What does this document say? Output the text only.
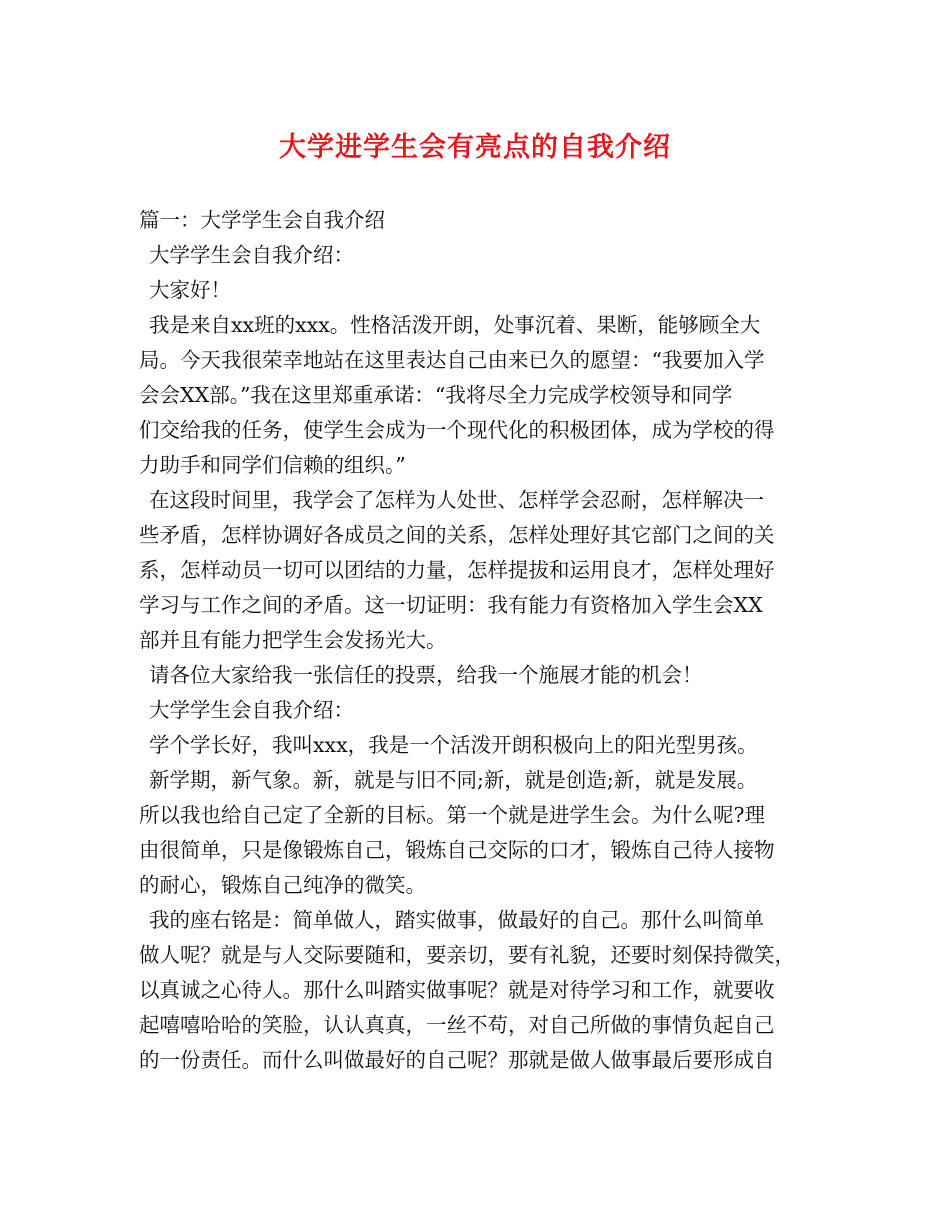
大学进学生会有亮点的自我介绍
篇一：大学学生会自我介绍
大学学生会自我介绍：
大家好！
我是来自xx班的xxx。性格活泼开朗，处事沉着、果断，能够顾全大
局。今天我很荣幸地站在这里表达自己由来已久的愿望：“我要加入学
会会XX部。”我在这里郑重承诺：“我将尽全力完成学校领导和同学
们交给我的任务，使学生会成为一个现代化的积极团体，成为学校的得
力助手和同学们信赖的组织。”
在这段时间里，我学会了怎样为人处世、怎样学会忍耐，怎样解决一
些矛盾，怎样协调好各成员之间的关系，怎样处理好其它部门之间的关
系，怎样动员一切可以团结的力量，怎样提拔和运用良才，怎样处理好
学习与工作之间的矛盾。这一切证明：我有能力有资格加入学生会XX
部并且有能力把学生会发扬光大。
请各位大家给我一张信任的投票，给我一个施展才能的机会！
大学学生会自我介绍：
学个学长好，我叫xxx，我是一个活泼开朗积极向上的阳光型男孩。
新学期，新气象。新，就是与旧不同;新，就是创造;新，就是发展。
所以我也给自己定了全新的目标。第一个就是进学生会。为什么呢?理
由很简单，只是像锻炼自己，锻炼自己交际的口才，锻炼自己待人接物
的耐心，锻炼自己纯净的微笑。
我的座右铭是：简单做人，踏实做事，做最好的自己。那什么叫简单
做人呢？就是与人交际要随和，要亲切，要有礼貌，还要时刻保持微笑，
以真诚之心待人。那什么叫踏实做事呢？就是对待学习和工作，就要收
起嘻嘻哈哈的笑脸，认认真真，一丝不苟，对自己所做的事情负起自己
的一份责任。而什么叫做最好的自己呢？那就是做人做事最后要形成自
